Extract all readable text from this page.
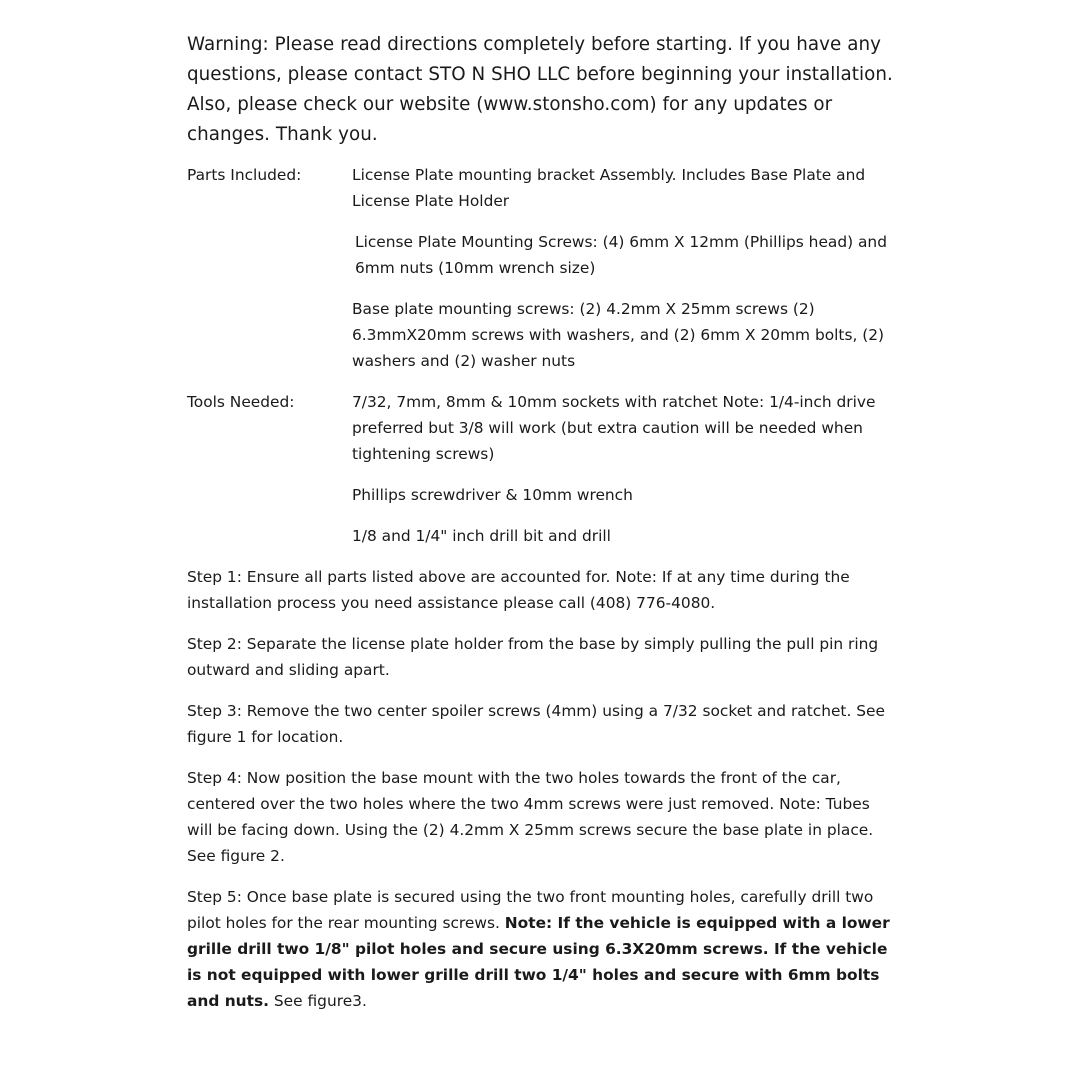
Warning: Please read directions completely before starting. If you have any questions, please contact STO N SHO LLC before beginning your installation. Also, please check our website (www.stonsho.com) for any updates or changes. Thank you.

Parts Included:	License Plate mounting bracket Assembly. Includes Base Plate and License Plate Holder
License Plate Mounting Screws: (4) 6mm X 12mm (Phillips head) and 6mm nuts (10mm wrench size)
Base plate mounting screws: (2) 4.2mm X 25mm screws (2) 6.3mmX20mm screws with washers, and (2) 6mm X 20mm bolts, (2) washers and (2) washer nuts
Tools Needed:	7/32, 7mm, 8mm & 10mm sockets with ratchet Note: 1/4-inch drive preferred but 3/8 will work (but extra caution will be needed when tightening screws)
Phillips screwdriver & 10mm wrench
1/8 and 1/4" inch drill bit and drill

Step 1: Ensure all parts listed above are accounted for. Note: If at any time during the installation process you need assistance please call (408) 776-4080.

Step 2: Separate the license plate holder from the base by simply pulling the pull pin ring outward and sliding apart.

Step 3: Remove the two center spoiler screws (4mm) using a 7/32 socket and ratchet. See figure 1 for location.

Step 4: Now position the base mount with the two holes towards the front of the car, centered over the two holes where the two 4mm screws were just removed. Note: Tubes will be facing down. Using the (2) 4.2mm X 25mm screws secure the base plate in place. See figure 2.

Step 5: Once base plate is secured using the two front mounting holes, carefully drill two pilot holes for the rear mounting screws. Note: If the vehicle is equipped with a lower grille drill two 1/8" pilot holes and secure using 6.3X20mm screws. If the vehicle is not equipped with lower grille drill two 1/4" holes and secure with 6mm bolts and nuts. See figure3.
